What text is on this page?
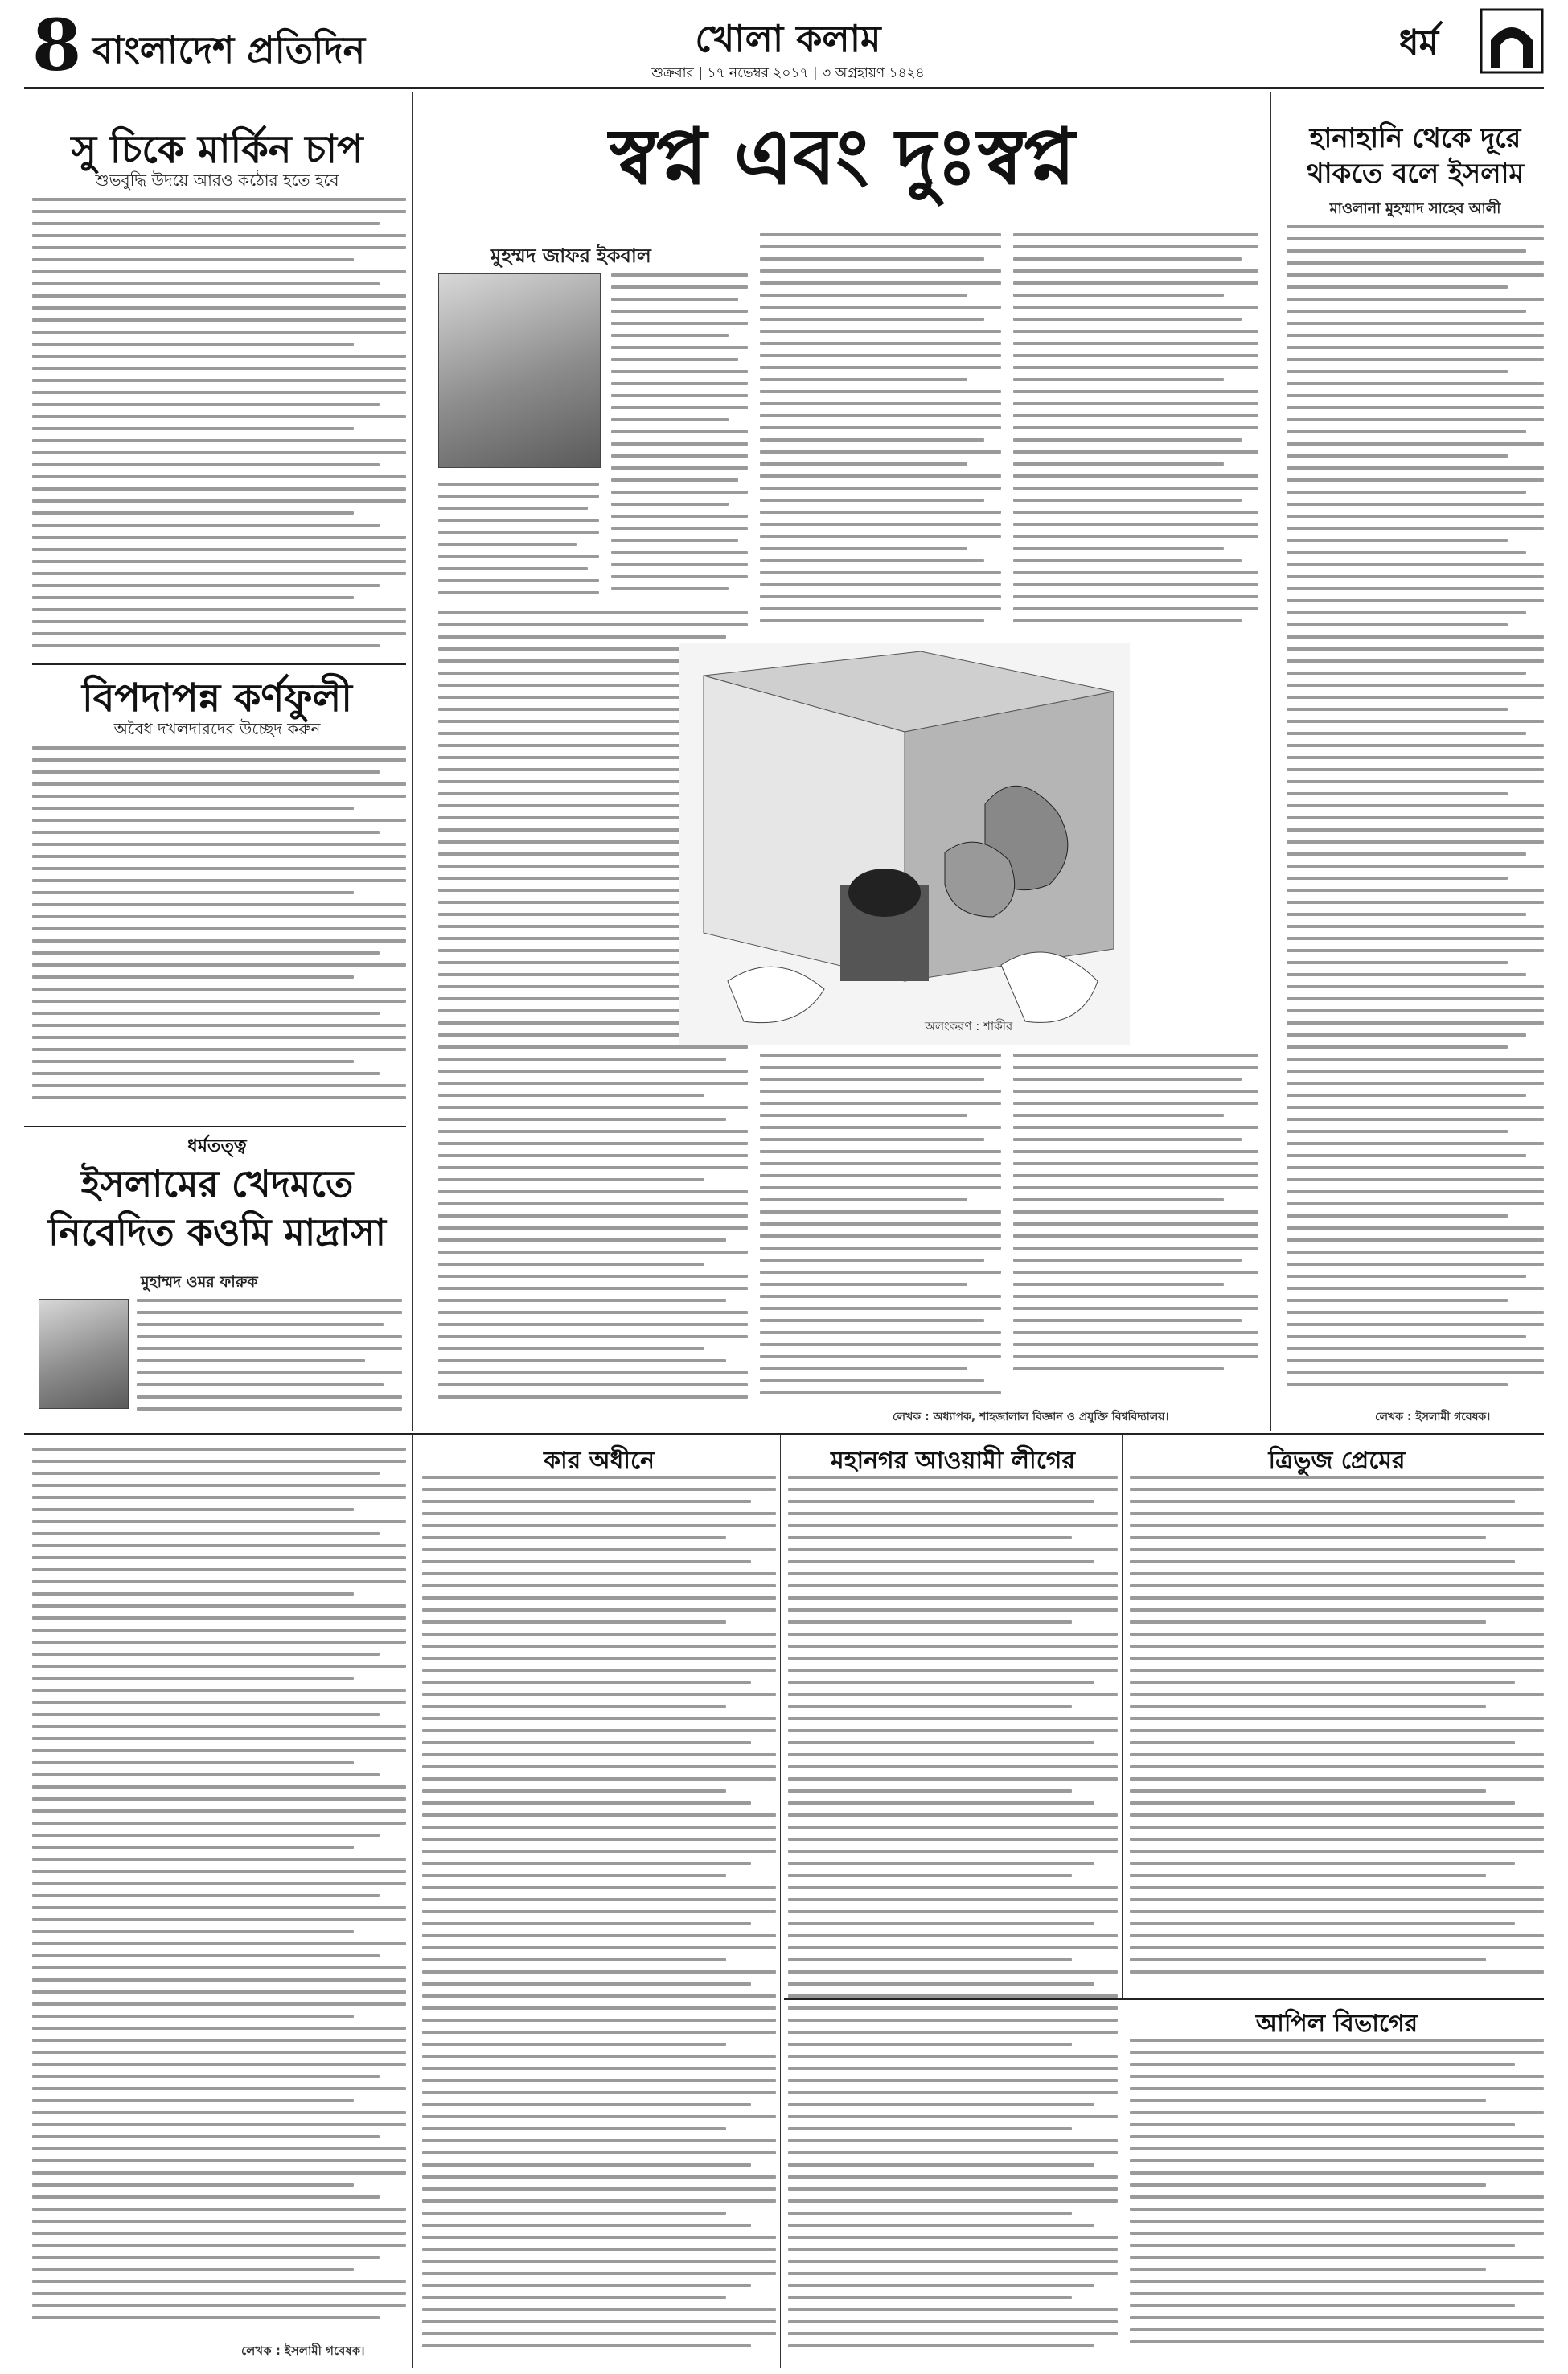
8 বাংলাদেশ প্রতিদিন	খোলা কলাম
শুক্রবার | ১৭ নভেম্বর ২০১৭ | ৩ অগ্রহায়ণ ১৪২৪
ধর্ম
সু চিকে মার্কিন চাপ
শুভবুদ্ধি উদয়ে আরও কঠোর হতে হবে
বিপদাপন্ন কর্ণফুলী
অবৈধ দখলদারদের উচ্ছেদ করুন
ধর্মতত্ত্ব
ইসলামের খেদমতে নিবেদিত কওমি মাদ্রাসা
মুহাম্মদ ওমর ফারুক
লেখক : ইসলামী গবেষক।
স্বপ্ন এবং দুঃস্বপ্ন
মুহম্মদ জাফর ইকবাল
অলংকরণ : শাকীর
লেখক : অধ্যাপক, শাহজালাল বিজ্ঞান ও প্রযুক্তি বিশ্ববিদ্যালয়।
হানাহানি থেকে দূরে থাকতে বলে ইসলাম
মাওলানা মুহম্মাদ সাহেব আলী
লেখক : ইসলামী গবেষক।
কার অধীনে	মহানগর আওয়ামী লীগের	ত্রিভুজ প্রেমের
আপিল বিভাগের
